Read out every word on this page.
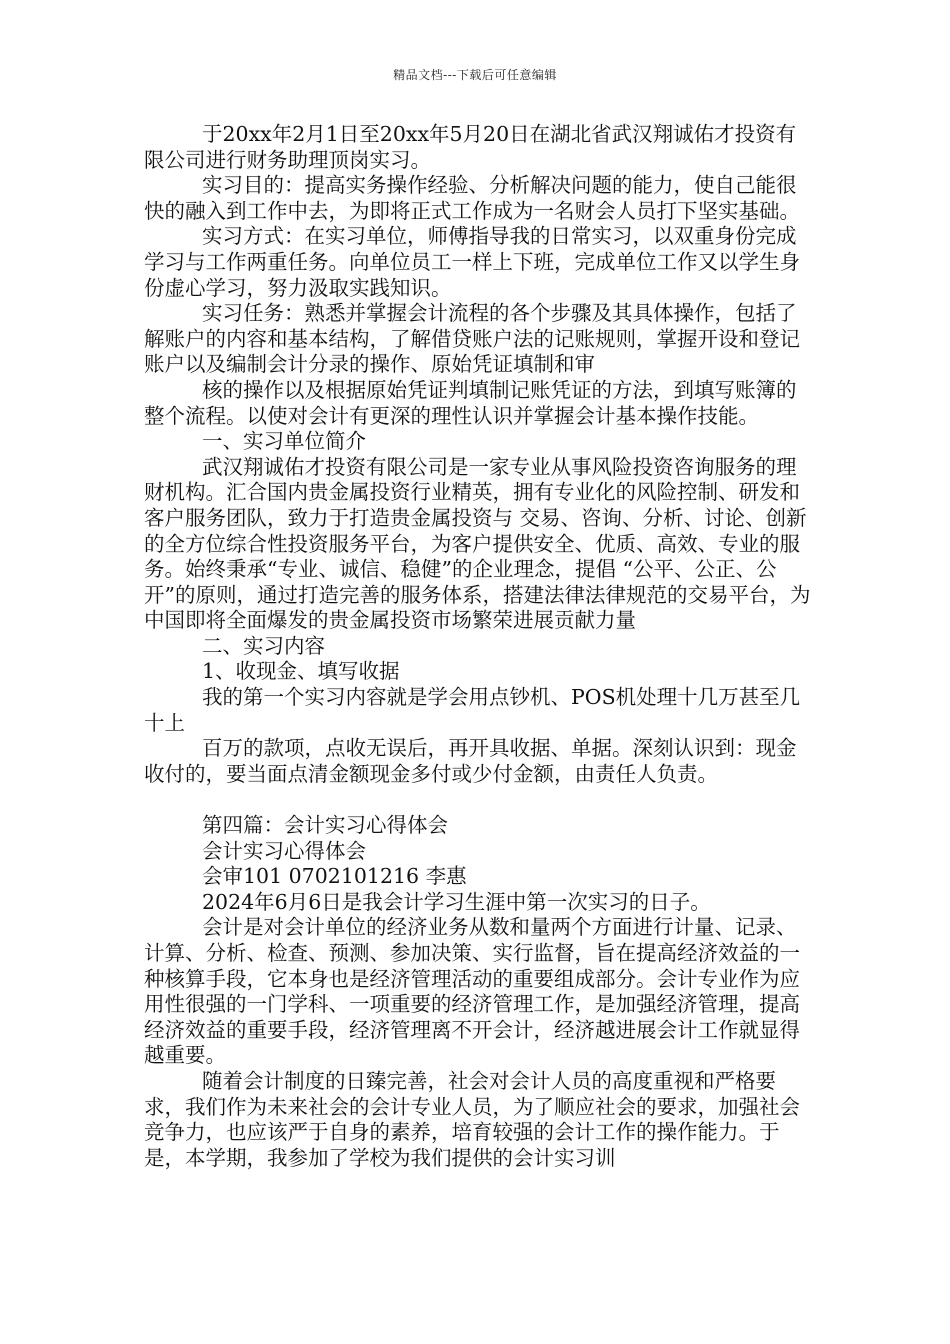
精品文档---下载后可任意编辑

于20xx年2月1日至20xx年5月20日在湖北省武汉翔诚佑才投资有限公司进行财务助理顶岗实习。

实习目的：提高实务操作经验、分析解决问题的能力，使自己能很快的融入到工作中去，为即将正式工作成为一名财会人员打下坚实基础。

实习方式：在实习单位，师傅指导我的日常实习，以双重身份完成学习与工作两重任务。向单位员工一样上下班，完成单位工作又以学生身份虚心学习，努力汲取实践知识。

实习任务：熟悉并掌握会计流程的各个步骤及其具体操作，包括了解账户的内容和基本结构，了解借贷账户法的记账规则，掌握开设和登记账户以及编制会计分录的操作、原始凭证填制和审

核的操作以及根据原始凭证判填制记账凭证的方法，到填写账簿的整个流程。以使对会计有更深的理性认识并掌握会计基本操作技能。

一、实习单位简介

武汉翔诚佑才投资有限公司是一家专业从事风险投资咨询服务的理财机构。汇合国内贵金属投资行业精英，拥有专业化的风险控制、研发和客户服务团队，致力于打造贵金属投资与 交易、咨询、分析、讨论、创新的全方位综合性投资服务平台，为客户提供安全、优质、高效、专业的服务。始终秉承“专业、诚信、稳健”的企业理念，提倡 “公平、公正、公开”的原则，通过打造完善的服务体系，搭建法律法律规范的交易平台，为中国即将全面爆发的贵金属投资市场繁荣进展贡献力量

二、实习内容

1、收现金、填写收据

我的第一个实习内容就是学会用点钞机、POS机处理十几万甚至几十上

百万的款项，点收无误后，再开具收据、单据。深刻认识到：现金收付的，要当面点清金额现金多付或少付金额，由责任人负责。

第四篇：会计实习心得体会

会计实习心得体会

会审101 0702101216 李惠

2024年6月6日是我会计学习生涯中第一次实习的日子。

会计是对会计单位的经济业务从数和量两个方面进行计量、记录、计算、分析、检查、预测、参加决策、实行监督，旨在提高经济效益的一种核算手段，它本身也是经济管理活动的重要组成部分。会计专业作为应用性很强的一门学科、一项重要的经济管理工作，是加强经济管理，提高经济效益的重要手段，经济管理离不开会计，经济越进展会计工作就显得越重要。

随着会计制度的日臻完善，社会对会计人员的高度重视和严格要求，我们作为未来社会的会计专业人员，为了顺应社会的要求，加强社会竞争力，也应该严于自身的素养，培育较强的会计工作的操作能力。于是，本学期，我参加了学校为我们提供的会计实习训
